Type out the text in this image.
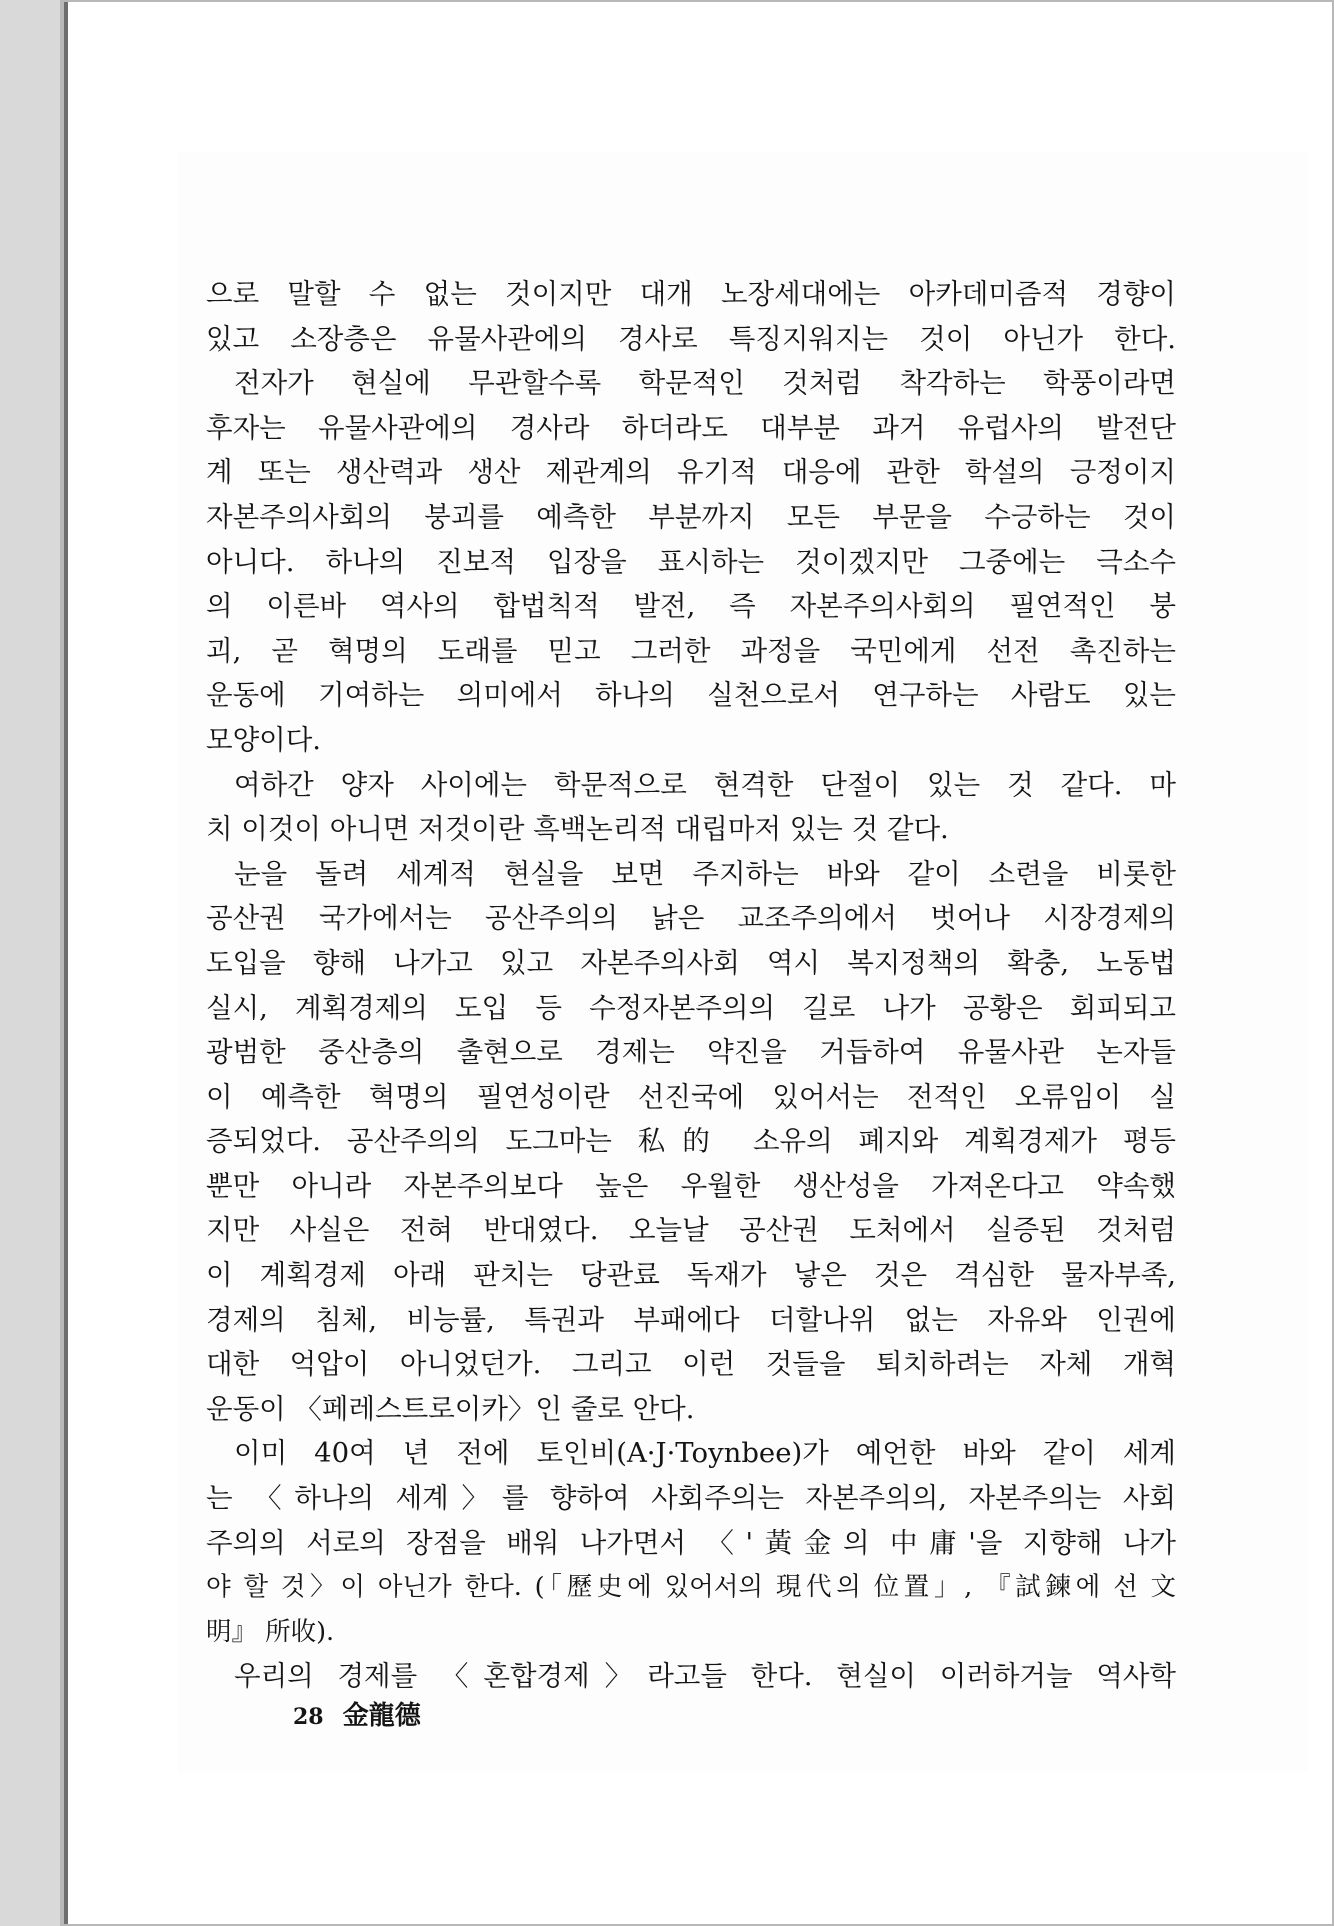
으로 말할 수 없는 것이지만 대개 노장세대에는 아카데미즘적 경향이
있고 소장층은 유물사관에의 경사로 특징지워지는 것이 아닌가 한다.
전자가 현실에 무관할수록 학문적인 것처럼 착각하는 학풍이라면
후자는 유물사관에의 경사라 하더라도 대부분 과거 유럽사의 발전단
계 또는 생산력과 생산 제관계의 유기적 대응에 관한 학설의 긍정이지
자본주의사회의 붕괴를 예측한 부분까지 모든 부문을 수긍하는 것이
아니다. 하나의 진보적 입장을 표시하는 것이겠지만 그중에는 극소수
의 이른바 역사의 합법칙적 발전, 즉 자본주의사회의 필연적인 붕
괴, 곧 혁명의 도래를 믿고 그러한 과정을 국민에게 선전 촉진하는
운동에 기여하는 의미에서 하나의 실천으로서 연구하는 사람도 있는
모양이다.
여하간 양자 사이에는 학문적으로 현격한 단절이 있는 것 같다. 마
치 이것이 아니면 저것이란 흑백논리적 대립마저 있는 것 같다.
눈을 돌려 세계적 현실을 보면 주지하는 바와 같이 소련을 비롯한
공산권 국가에서는 공산주의의 낡은 교조주의에서 벗어나 시장경제의
도입을 향해 나가고 있고 자본주의사회 역시 복지정책의 확충, 노동법
실시, 계획경제의 도입 등 수정자본주의의 길로 나가 공황은 회피되고
광범한 중산층의 출현으로 경제는 약진을 거듭하여 유물사관 논자들
이 예측한 혁명의 필연성이란 선진국에 있어서는 전적인 오류임이 실
증되었다. 공산주의의 도그마는 私的 소유의 폐지와 계획경제가 평등
뿐만 아니라 자본주의보다 높은 우월한 생산성을 가져온다고 약속했
지만 사실은 전혀 반대였다. 오늘날 공산권 도처에서 실증된 것처럼
이 계획경제 아래 판치는 당관료 독재가 낳은 것은 격심한 물자부족,
경제의 침체, 비능률, 특권과 부패에다 더할나위 없는 자유와 인권에
대한 억압이 아니었던가. 그리고 이런 것들을 퇴치하려는 자체 개혁
운동이 〈페레스트로이카〉인 줄로 안다.
이미 40여 년 전에 토인비(A·J·Toynbee)가 예언한 바와 같이 세계
는 〈하나의 세계〉를 향하여 사회주의는 자본주의의, 자본주의는 사회
주의의 서로의 장점을 배워 나가면서 〈'黃金의 中庸'을 지향해 나가
야 할 것〉이 아닌가 한다. (「歷史에 있어서의 現代의 位置」, 『試鍊에 선 文
明』 所收).
우리의 경제를 〈혼합경제〉라고들 한다. 현실이 이러하거늘 역사학
28 金龍德
